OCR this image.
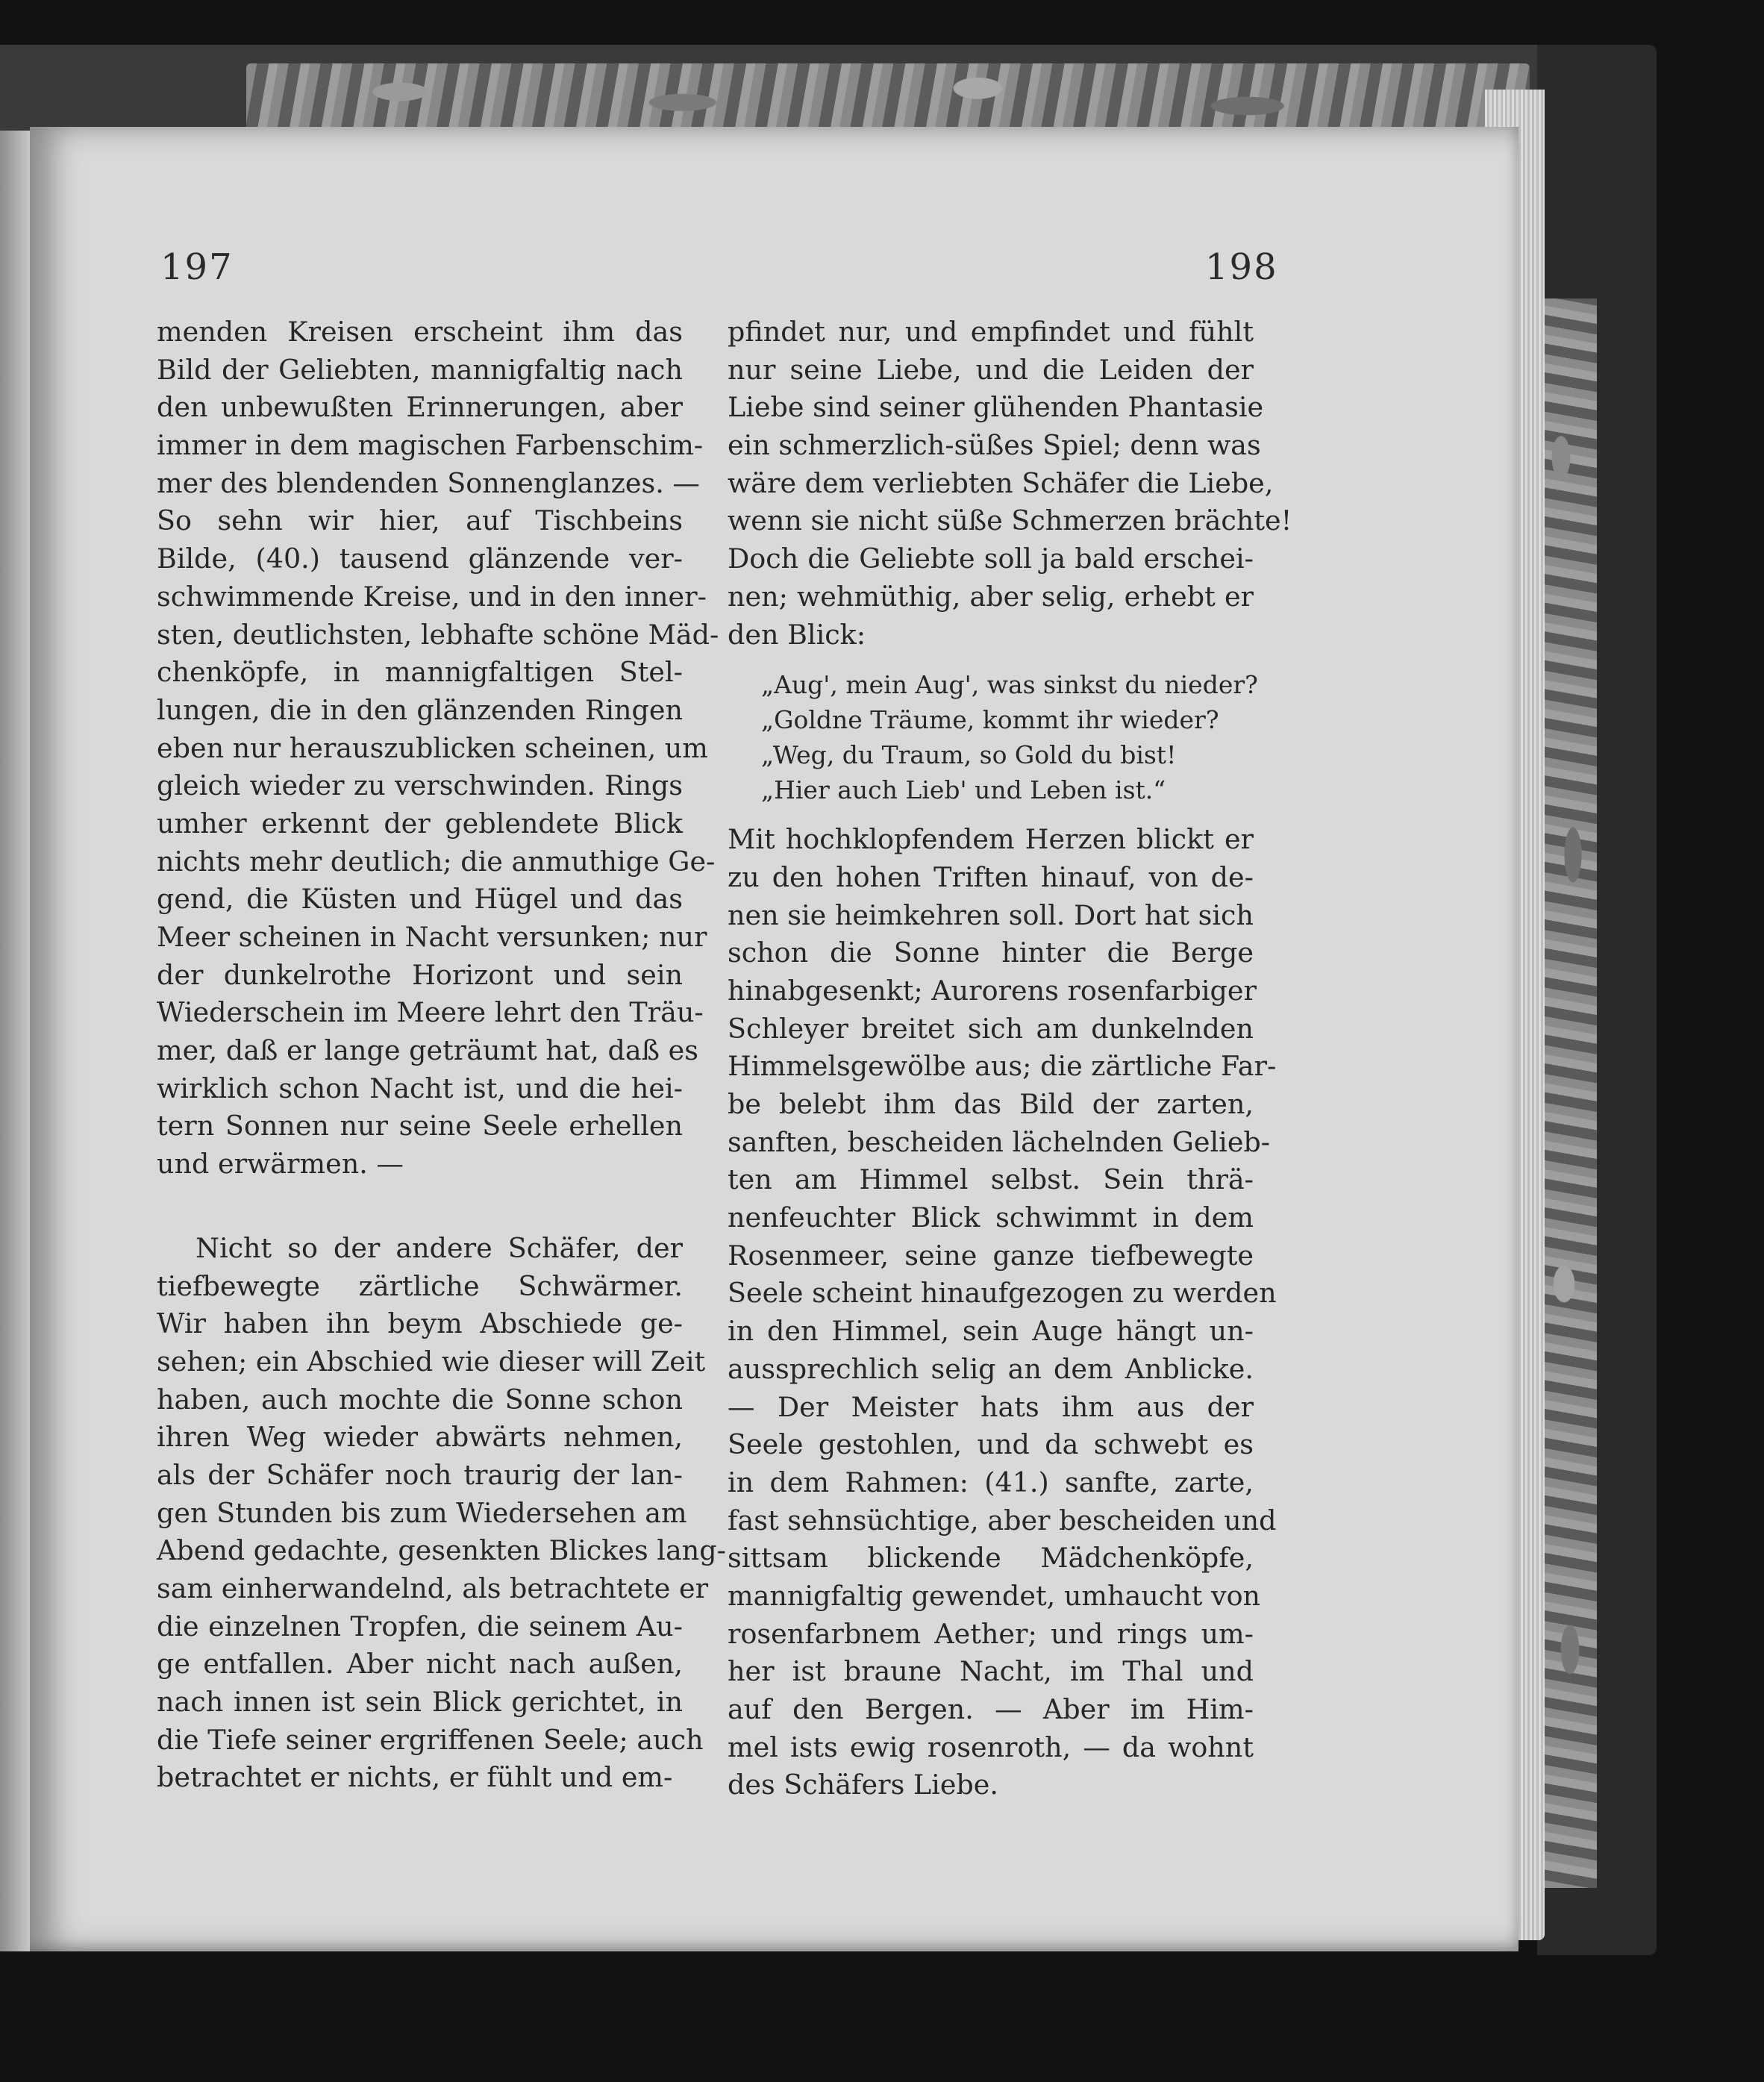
197	198
menden Kreisen erscheint ihm das
Bild der Geliebten, mannigfaltig nach
den unbewußten Erinnerungen, aber
immer in dem magischen Farbenschim-
mer des blendenden Sonnenglanzes. —
So sehn wir hier, auf Tischbeins
Bilde, (40.) tausend glänzende ver-
schwimmende Kreise, und in den inner-
sten, deutlichsten, lebhafte schöne Mäd-
chenköpfe, in mannigfaltigen Stel-
lungen, die in den glänzenden Ringen
eben nur herauszublicken scheinen, um
gleich wieder zu verschwinden. Rings
umher erkennt der geblendete Blick
nichts mehr deutlich; die anmuthige Ge-
gend, die Küsten und Hügel und das
Meer scheinen in Nacht versunken; nur
der dunkelrothe Horizont und sein
Wiederschein im Meere lehrt den Träu-
mer, daß er lange geträumt hat, daß es
wirklich schon Nacht ist, und die hei-
tern Sonnen nur seine Seele erhellen
und erwärmen. —
Nicht so der andere Schäfer, der
tiefbewegte zärtliche Schwärmer.
Wir haben ihn beym Abschiede ge-
sehen; ein Abschied wie dieser will Zeit
haben, auch mochte die Sonne schon
ihren Weg wieder abwärts nehmen,
als der Schäfer noch traurig der lan-
gen Stunden bis zum Wiedersehen am
Abend gedachte, gesenkten Blickes lang-
sam einherwandelnd, als betrachtete er
die einzelnen Tropfen, die seinem Au-
ge entfallen. Aber nicht nach außen,
nach innen ist sein Blick gerichtet, in
die Tiefe seiner ergriffenen Seele; auch
betrachtet er nichts, er fühlt und em-
pfindet nur, und empfindet und fühlt
nur seine Liebe, und die Leiden der
Liebe sind seiner glühenden Phantasie
ein schmerzlich-süßes Spiel; denn was
wäre dem verliebten Schäfer die Liebe,
wenn sie nicht süße Schmerzen brächte!
Doch die Geliebte soll ja bald erschei-
nen; wehmüthig, aber selig, erhebt er
den Blick:
„Aug', mein Aug', was sinkst du nieder?
„Goldne Träume, kommt ihr wieder?
„Weg, du Traum, so Gold du bist!
„Hier auch Lieb' und Leben ist.“
Mit hochklopfendem Herzen blickt er
zu den hohen Triften hinauf, von de-
nen sie heimkehren soll. Dort hat sich
schon die Sonne hinter die Berge
hinabgesenkt; Aurorens rosenfarbiger
Schleyer breitet sich am dunkelnden
Himmelsgewölbe aus; die zärtliche Far-
be belebt ihm das Bild der zarten,
sanften, bescheiden lächelnden Gelieb-
ten am Himmel selbst. Sein thrä-
nenfeuchter Blick schwimmt in dem
Rosenmeer, seine ganze tiefbewegte
Seele scheint hinaufgezogen zu werden
in den Himmel, sein Auge hängt un-
aussprechlich selig an dem Anblicke.
— Der Meister hats ihm aus der
Seele gestohlen, und da schwebt es
in dem Rahmen: (41.) sanfte, zarte,
fast sehnsüchtige, aber bescheiden und
sittsam blickende Mädchenköpfe,
mannigfaltig gewendet, umhaucht von
rosenfarbnem Aether; und rings um-
her ist braune Nacht, im Thal und
auf den Bergen. — Aber im Him-
mel ists ewig rosenroth, — da wohnt
des Schäfers Liebe.
